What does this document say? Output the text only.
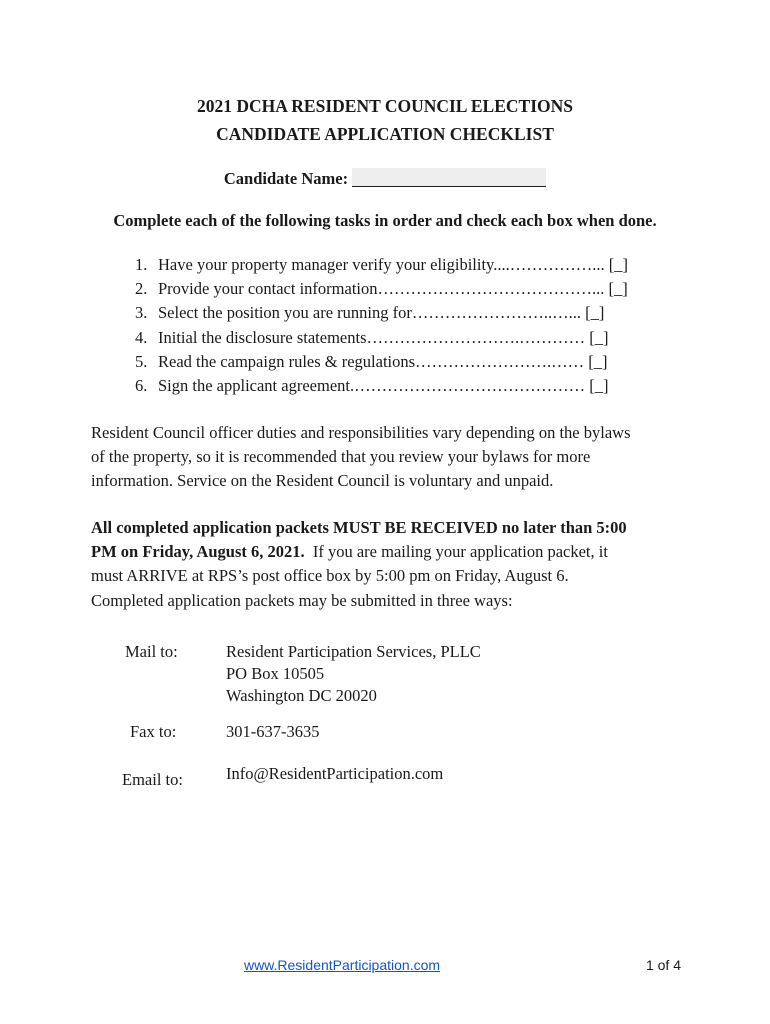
2021 DCHA RESIDENT COUNCIL ELECTIONS
CANDIDATE APPLICATION CHECKLIST
Candidate Name:
Complete each of the following tasks in order and check each box when done.
1. Have your property manager verify your eligibility....……………... [_]
2. Provide your contact information…………………………………... [_]
3. Select the position you are running for……………………..…... [_]
4. Initial the disclosure statements……………………….………… [_]
5. Read the campaign rules & regulations…………………….…… [_]
6. Sign the applicant agreement.…………………………………… [_]

Resident Council officer duties and responsibilities vary depending on the bylaws

of the property, so it is recommended that you review your bylaws for more

information. Service on the Resident Council is voluntary and unpaid.

All completed application packets MUST BE RECEIVED no later than 5:00

PM on Friday, August 6, 2021.  If you are mailing your application packet, it

must ARRIVE at RPS’s post office box by 5:00 pm on Friday, August 6.

Completed application packets may be submitted in three ways:

Mail to:	Resident Participation Services, PLLC
PO Box 10505
Washington DC 20020
Fax to:	301-637-3635
Email to:	Info@ResidentParticipation.com
www.ResidentParticipation.com	1 of 4
